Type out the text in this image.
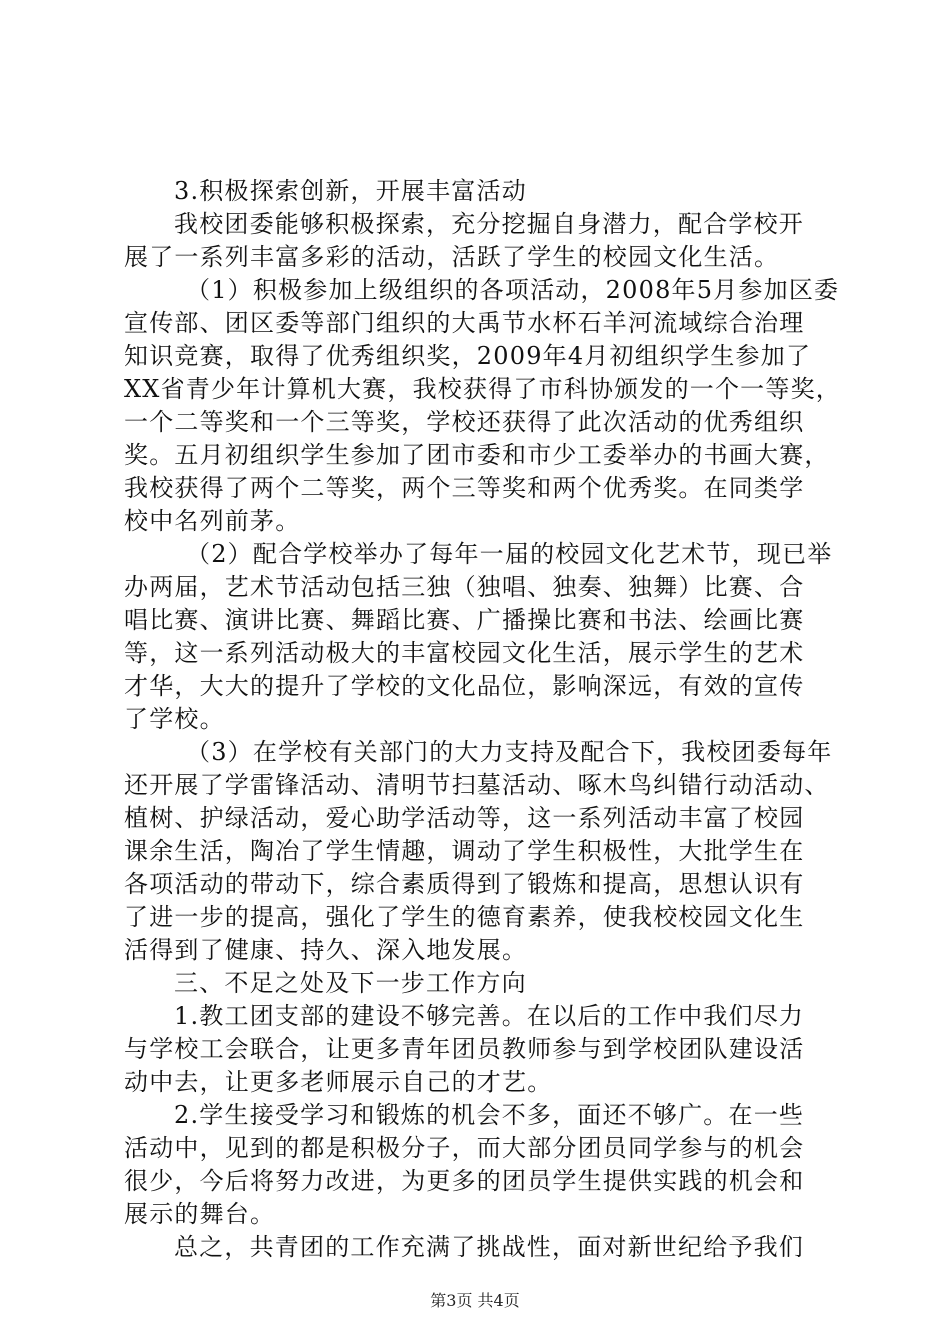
3.积极探索创新，开展丰富活动
我校团委能够积极探索，充分挖掘自身潜力，配合学校开
展了一系列丰富多彩的活动，活跃了学生的校园文化生活。
（1）积极参加上级组织的各项活动，2008年5月参加区委
宣传部、团区委等部门组织的大禹节水杯石羊河流域综合治理
知识竞赛，取得了优秀组织奖，2009年4月初组织学生参加了
XX省青少年计算机大赛，我校获得了市科协颁发的一个一等奖，
一个二等奖和一个三等奖，学校还获得了此次活动的优秀组织
奖。五月初组织学生参加了团市委和市少工委举办的书画大赛，
我校获得了两个二等奖，两个三等奖和两个优秀奖。在同类学
校中名列前茅。
（2）配合学校举办了每年一届的校园文化艺术节，现已举
办两届，艺术节活动包括三独（独唱、独奏、独舞）比赛、合
唱比赛、演讲比赛、舞蹈比赛、广播操比赛和书法、绘画比赛
等，这一系列活动极大的丰富校园文化生活，展示学生的艺术
才华，大大的提升了学校的文化品位，影响深远，有效的宣传
了学校。
（3）在学校有关部门的大力支持及配合下，我校团委每年
还开展了学雷锋活动、清明节扫墓活动、啄木鸟纠错行动活动、
植树、护绿活动，爱心助学活动等，这一系列活动丰富了校园
课余生活，陶冶了学生情趣，调动了学生积极性，大批学生在
各项活动的带动下，综合素质得到了锻炼和提高，思想认识有
了进一步的提高，强化了学生的德育素养，使我校校园文化生
活得到了健康、持久、深入地发展。
三、不足之处及下一步工作方向
1.教工团支部的建设不够完善。在以后的工作中我们尽力
与学校工会联合，让更多青年团员教师参与到学校团队建设活
动中去，让更多老师展示自己的才艺。
2.学生接受学习和锻炼的机会不多，面还不够广。在一些
活动中，见到的都是积极分子，而大部分团员同学参与的机会
很少，今后将努力改进，为更多的团员学生提供实践的机会和
展示的舞台。
总之，共青团的工作充满了挑战性，面对新世纪给予我们
第3页 共4页
